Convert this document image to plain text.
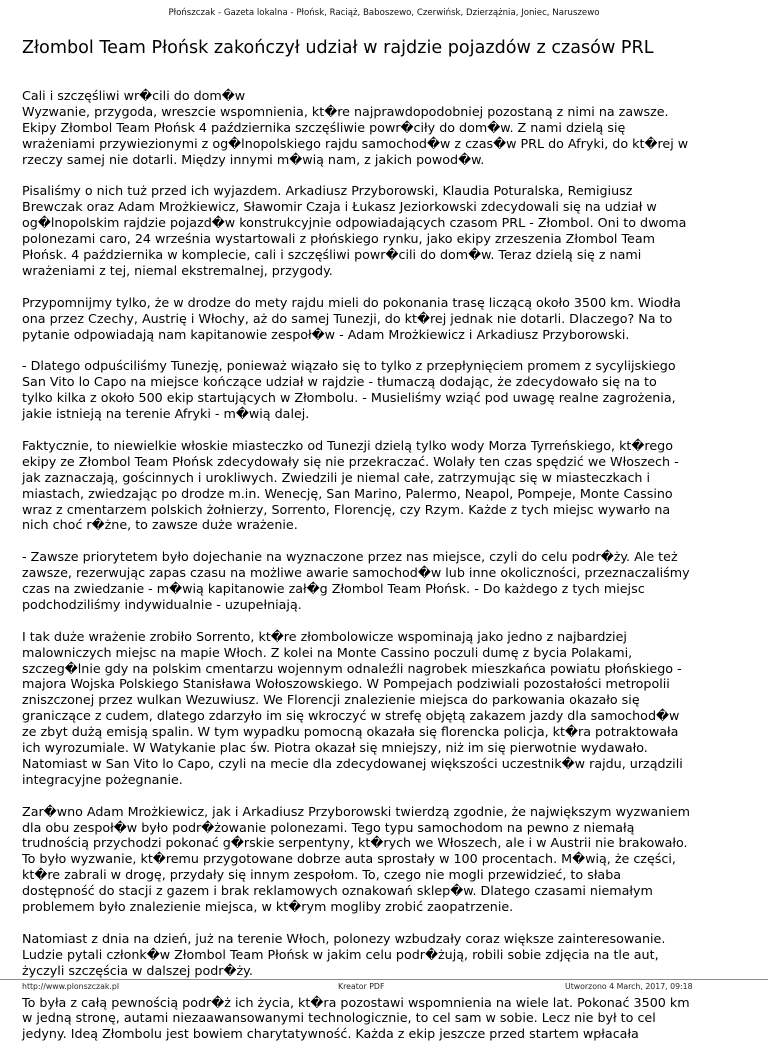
Płońszczak - Gazeta lokalna - Płońsk, Raciąż, Baboszewo, Czerwińsk, Dzierzążnia, Joniec, Naruszewo
Złombol Team Płońsk zakończył udział w rajdzie pojazdów z czasów PRL

Cali i szczęśliwi wr�cili do dom�w
Wyzwanie, przygoda, wreszcie wspomnienia, kt�re najprawdopodobniej pozostaną z nimi na zawsze.
Ekipy Złombol Team Płońsk 4 października szczęśliwie powr�ciły do dom�w. Z nami dzielą się
wrażeniami przywiezionymi z og�lnopolskiego rajdu samochod�w z czas�w PRL do Afryki, do kt�rej w
rzeczy samej nie dotarli. Między innymi m�wią nam, z jakich powod�w.

Pisaliśmy o nich tuż przed ich wyjazdem. Arkadiusz Przyborowski, Klaudia Poturalska, Remigiusz
Brewczak oraz Adam Mrożkiewicz, Sławomir Czaja i Łukasz Jeziorkowski zdecydowali się na udział w
og�lnopolskim rajdzie pojazd�w konstrukcyjnie odpowiadających czasom PRL - Złombol. Oni to dwoma
polonezami caro, 24 września wystartowali z płońskiego rynku, jako ekipy zrzeszenia Złombol Team
Płońsk. 4 października w komplecie, cali i szczęśliwi powr�cili do dom�w. Teraz dzielą się z nami
wrażeniami z tej, niemal ekstremalnej, przygody.

Przypomnijmy tylko, że w drodze do mety rajdu mieli do pokonania trasę liczącą około 3500 km. Wiodła
ona przez Czechy, Austrię i Włochy, aż do samej Tunezji, do kt�rej jednak nie dotarli. Dlaczego? Na to
pytanie odpowiadają nam kapitanowie zespoł�w - Adam Mrożkiewicz i Arkadiusz Przyborowski.

- Dlatego odpuściliśmy Tunezję, ponieważ wiązało się to tylko z przepłynięciem promem z sycylijskiego
San Vito lo Capo na miejsce kończące udział w rajdzie - tłumaczą dodając, że zdecydowało się na to
tylko kilka z około 500 ekip startujących w Złombolu. - Musieliśmy wziąć pod uwagę realne zagrożenia,
jakie istnieją na terenie Afryki - m�wią dalej.

Faktycznie, to niewielkie włoskie miasteczko od Tunezji dzielą tylko wody Morza Tyrreńskiego, kt�rego
ekipy ze Złombol Team Płońsk zdecydowały się nie przekraczać. Wolały ten czas spędzić we Włoszech -
jak zaznaczają, gościnnych i urokliwych. Zwiedzili je niemal całe, zatrzymując się w miasteczkach i
miastach, zwiedzając po drodze m.in. Wenecję, San Marino, Palermo, Neapol, Pompeje, Monte Cassino
wraz z cmentarzem polskich żołnierzy, Sorrento, Florencję, czy Rzym. Każde z tych miejsc wywarło na
nich choć r�żne, to zawsze duże wrażenie.

- Zawsze priorytetem było dojechanie na wyznaczone przez nas miejsce, czyli do celu podr�ży. Ale też
zawsze, rezerwując zapas czasu na możliwe awarie samochod�w lub inne okoliczności, przeznaczaliśmy
czas na zwiedzanie - m�wią kapitanowie zał�g Złombol Team Płońsk. - Do każdego z tych miejsc
podchodziliśmy indywidualnie - uzupełniają.

I tak duże wrażenie zrobiło Sorrento, kt�re złombolowicze wspominają jako jedno z najbardziej
malowniczych miejsc na mapie Włoch. Z kolei na Monte Cassino poczuli dumę z bycia Polakami,
szczeg�lnie gdy na polskim cmentarzu wojennym odnaleźli nagrobek mieszkańca powiatu płońskiego -
majora Wojska Polskiego Stanisława Wołoszowskiego. W Pompejach podziwiali pozostałości metropolii
zniszczonej przez wulkan Wezuwiusz. We Florencji znalezienie miejsca do parkowania okazało się
graniczące z cudem, dlatego zdarzyło im się wkroczyć w strefę objętą zakazem jazdy dla samochod�w
ze zbyt dużą emisją spalin. W tym wypadku pomocną okazała się florencka policja, kt�ra potraktowała
ich wyrozumiale. W Watykanie plac św. Piotra okazał się mniejszy, niż im się pierwotnie wydawało.
Natomiast w San Vito lo Capo, czyli na mecie dla zdecydowanej większości uczestnik�w rajdu, urządzili
integracyjne pożegnanie.

Zar�wno Adam Mrożkiewicz, jak i Arkadiusz Przyborowski twierdzą zgodnie, że największym wyzwaniem
dla obu zespoł�w było podr�żowanie polonezami. Tego typu samochodom na pewno z niemałą
trudnością przychodzi pokonać g�rskie serpentyny, kt�rych we Włoszech, ale i w Austrii nie brakowało.
To było wyzwanie, kt�remu przygotowane dobrze auta sprostały w 100 procentach. M�wią, że części,
kt�re zabrali w drogę, przydały się innym zespołom. To, czego nie mogli przewidzieć, to słaba
dostępność do stacji z gazem i brak reklamowych oznakowań sklep�w. Dlatego czasami niemałym
problemem było znalezienie miejsca, w kt�rym mogliby zrobić zaopatrzenie.

Natomiast z dnia na dzień, już na terenie Włoch, polonezy wzbudzały coraz większe zainteresowanie.
Ludzie pytali członk�w Złombol Team Płońsk w jakim celu podr�żują, robili sobie zdjęcia na tle aut,
życzyli szczęścia w dalszej podr�ży.

To była z całą pewnością podr�ż ich życia, kt�ra pozostawi wspomnienia na wiele lat. Pokonać 3500 km
w jedną stronę, autami niezaawansowanymi technologicznie, to cel sam w sobie. Lecz nie był to cel
jedyny. Ideą Złombolu jest bowiem charytatywność. Każda z ekip jeszcze przed startem wpłacała

http://www.plonszczak.pl	Kreator PDF	Utworzono 4 March, 2017, 09:18
